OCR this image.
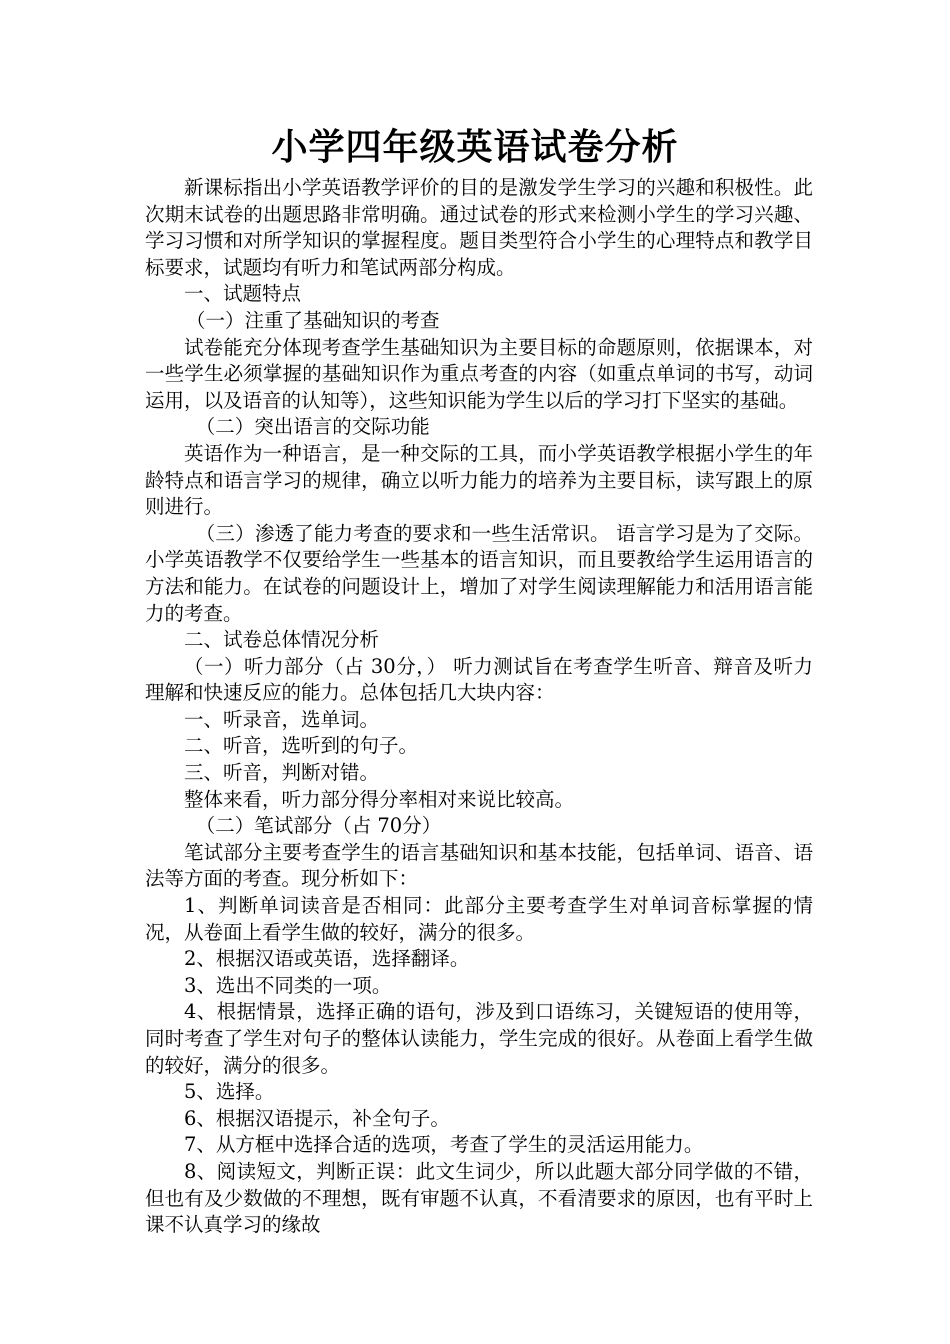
小学四年级英语试卷分析

新课标指出小学英语教学评价的目的是激发学生学习的兴趣和积极性。此次期末试卷的出题思路非常明确。通过试卷的形式来检测小学生的学习兴趣、学习习惯和对所学知识的掌握程度。题目类型符合小学生的心理特点和教学目标要求，试题均有听力和笔试两部分构成。

一、试题特点

（一）注重了基础知识的考查

试卷能充分体现考查学生基础知识为主要目标的命题原则，依据课本，对一些学生必须掌握的基础知识作为重点考查的内容（如重点单词的书写，动词运用，以及语音的认知等），这些知识能为学生以后的学习打下坚实的基础。

（二）突出语言的交际功能

英语作为一种语言，是一种交际的工具，而小学英语教学根据小学生的年龄特点和语言学习的规律，确立以听力能力的培养为主要目标，读写跟上的原则进行。

（三）渗透了能力考查的要求和一些生活常识。 语言学习是为了交际。小学英语教学不仅要给学生一些基本的语言知识，而且要教给学生运用语言的方法和能力。在试卷的问题设计上，增加了对学生阅读理解能力和活用语言能力的考查。

二、试卷总体情况分析

（一）听力部分（占 30分，） 听力测试旨在考查学生听音、辩音及听力理解和快速反应的能力。总体包括几大块内容：

一、听录音，选单词。

二、听音，选听到的句子。

三、听音，判断对错。

整体来看，听力部分得分率相对来说比较高。

（二）笔试部分（占 70分）

笔试部分主要考查学生的语言基础知识和基本技能，包括单词、语音、语法等方面的考查。现分析如下：

1、判断单词读音是否相同：此部分主要考查学生对单词音标掌握的情况，从卷面上看学生做的较好，满分的很多。

2、根据汉语或英语，选择翻译。

3、选出不同类的一项。

4、根据情景，选择正确的语句，涉及到口语练习，关键短语的使用等，同时考查了学生对句子的整体认读能力，学生完成的很好。从卷面上看学生做的较好，满分的很多。

5、选择。

6、根据汉语提示，补全句子。

7、从方框中选择合适的选项，考查了学生的灵活运用能力。

8、阅读短文，判断正误：此文生词少，所以此题大部分同学做的不错，但也有及少数做的不理想，既有审题不认真，不看清要求的原因，也有平时上课不认真学习的缘故
